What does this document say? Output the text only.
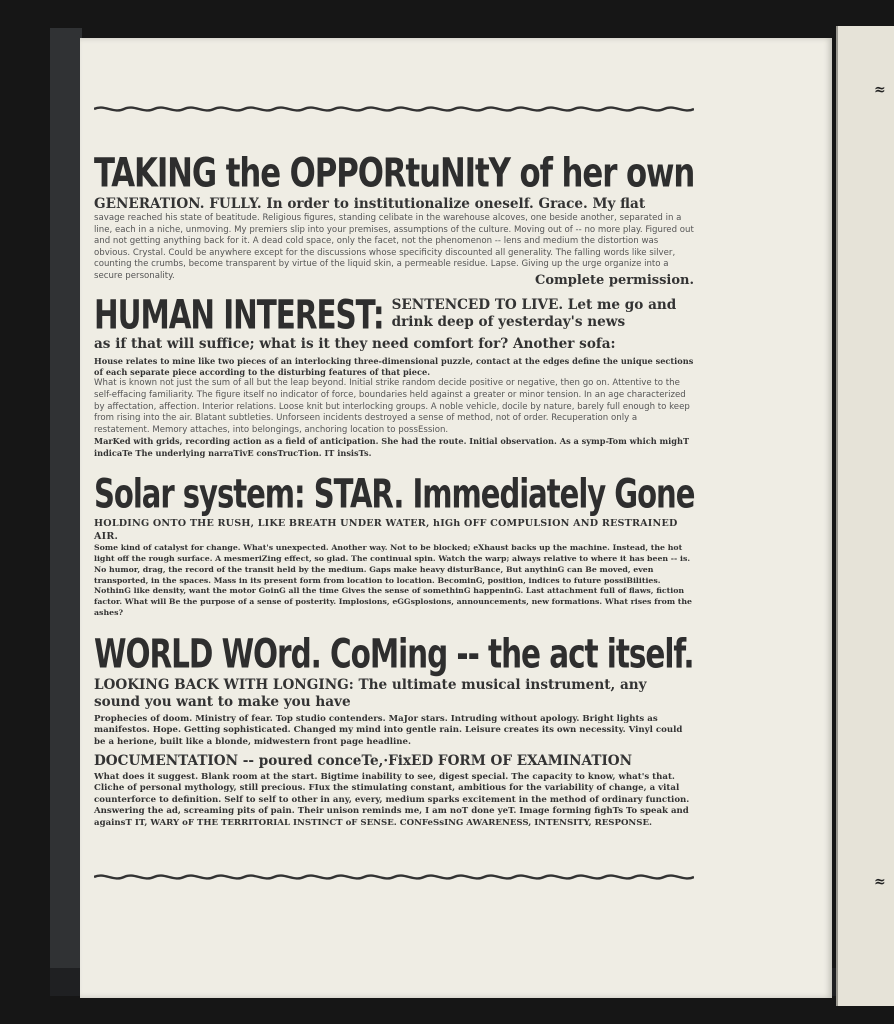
≈
≈
TAKING the OPPORtuNItY of her own
GENERATION. FULLY. In order to institutionalize oneself. Grace. My flat
savage reached his state of beatitude. Religious figures, standing celibate in the warehouse alcoves, one beside another, separated in a line, each in a niche, unmoving. My premiers slip into your premises, assumptions of the culture. Moving out of -- no more play. Figured out and not getting anything back for it. A dead cold space, only the facet, not the phenomenon -- lens and medium the distortion was obvious. Crystal. Could be anywhere except for the discussions whose specificity discounted all generality. The falling words like silver, counting the crumbs, become transparent by virtue of the liquid skin, a permeable residue. Lapse. Giving up the urge organize into a secure personality.	Complete permission.
HUMAN INTEREST: SENTENCED TO LIVE. Let me go and drink deep of yesterday's news
as if that will suffice; what is it they need comfort for? Another sofa:
House relates to mine like two pieces of an interlocking three-dimensional puzzle, contact at the edges define the unique sections of each separate piece according to the disturbing features of that piece.
What is known not just the sum of all but the leap beyond. Initial strike random decide positive or negative, then go on. Attentive to the self-effacing familiarity. The figure itself no indicator of force, boundaries held against a greater or minor tension. In an age characterized by affectation, affection. Interior relations. Loose knit but interlocking groups. A noble vehicle, docile by nature, barely full enough to keep from rising into the air. Blatant subtleties. Unforseen incidents destroyed a sense of method, not of order. Recuperation only a restatement. Memory attaches, into belongings, anchoring location to possEssion.
MarKed with grids, recording action as a field of anticipation. She had the route. Initial observation. As a symp-Tom which mighT indicaTe The underlying narraTivE consTrucTion. IT insisTs.
Solar system: STAR. Immediately Gone
HOLDING ONTO THE RUSH, LIKE BREATH UNDER WATER, hIGh OFF COMPULSION AND RESTRAINED AIR.
Some kind of catalyst for change. What's unexpected. Another way. Not to be blocked; eXhaust backs up the machine. Instead, the hot light off the rough surface. A mesmeriZing effect, so glad. The continual spin. Watch the warp; always relative to where it has been -- is. No humor, drag, the record of the transit held by the medium. Gaps make heavy disturBance, But anythinG can Be moved, even transported, in the spaces. Mass in its present form from location to location. BecominG, position, indices to future possiBilities. NothinG like density, want the motor GoinG all the time Gives the sense of somethinG happeninG. Last attachment full of flaws, fiction factor. What will Be the purpose of a sense of posterity. Implosions, eGGsplosions, announcements, new formations. What rises from the ashes?
WORLD WOrd. CoMing -- the act itself.
LOOKING BACK WITH LONGING: The ultimate musical instrument, any sound you want to make you have
Prophecies of doom. Ministry of fear. Top studio contenders. MaJor stars. Intruding without apology. Bright lights as manifestos. Hope. Getting sophisticated. Changed my mind into gentle rain. Leisure creates its own necessity. Vinyl could be a herione, built like a blonde, midwestern front page headline.
DOCUMENTATION -- poured conceTe,·FixED FORM OF EXAMINATION
What does it suggest. Blank room at the start. Bigtime inability to see, digest special. The capacity to know, what's that. Cliche of personal mythology, still precious. FIux the stimulating constant, ambitious for the variability of change, a vital counterforce to definition. Self to self to other in any, every, medium sparks excitement in the method of ordinary function. Answering the ad, screaming pits of pain. Their unison reminds me, I am noT done yeT. Image forming fighTs To speak and againsT IT, WARY oF THE TERRITORIAL INSTINCT oF SENSE. CONFeSsING AWARENESS, INTENSITY, RESPONSE.
